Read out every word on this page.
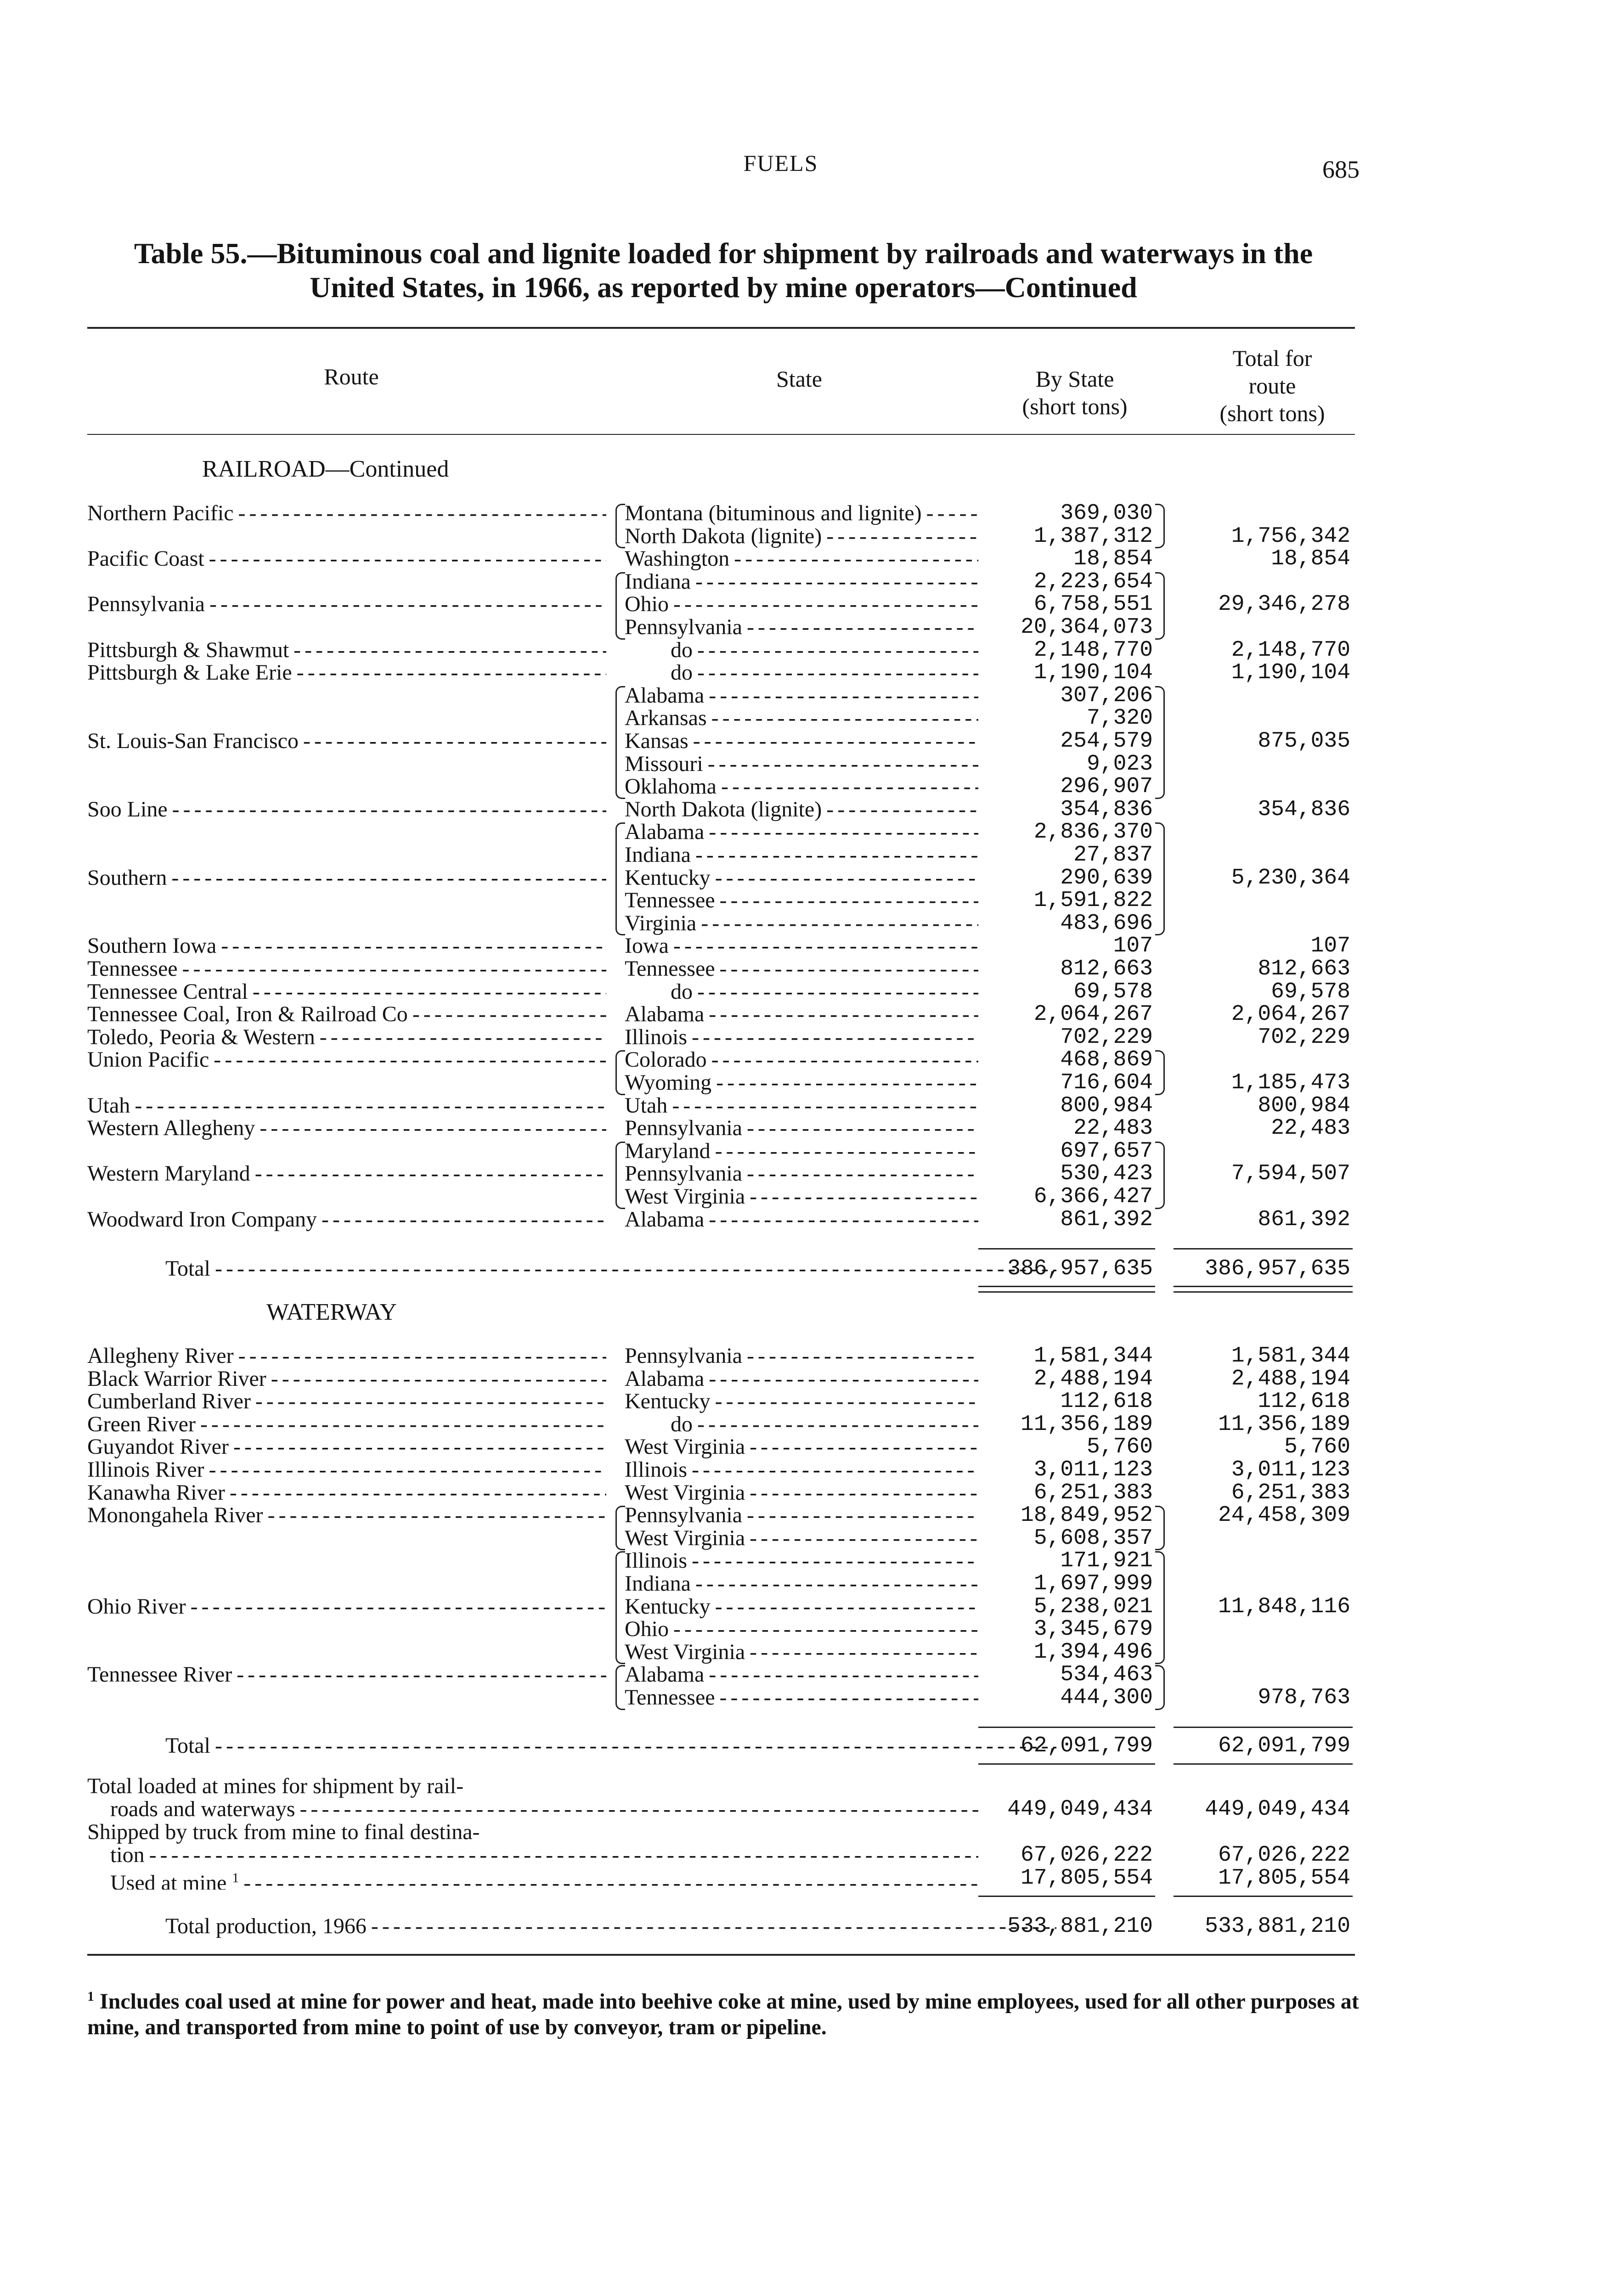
FUELS	685
Table 55.—Bituminous coal and lignite loaded for shipment by railroads and waterways in the
United States, in 1966, as reported by mine operators—Continued
Route	State	By State
(short tons)
Total for
route
(short tons)
RAILROAD—Continued
Northern Pacific - - -	Montana (bituminous and lignite) - - -	369,030
North Dakota (lignite) - - -	1,387,312	1,756,342
Pacific Coast - - -	Washington - - -	18,854	18,854
Indiana - - -	2,223,654
Pennsylvania - - -	Ohio - - -	6,758,551	29,346,278
Pennsylvania - - -	20,364,073
Pittsburgh & Shawmut - - -	do - - -	2,148,770	2,148,770
Pittsburgh & Lake Erie - - -	do - - -	1,190,104	1,190,104
Alabama - - -	307,206
Arkansas - - -	7,320
St. Louis-San Francisco - - -	Kansas - - -	254,579	875,035
Missouri - - -	9,023
Oklahoma - - -	296,907
Soo Line - - -	North Dakota (lignite) - - -	354,836	354,836
Alabama - - -	2,836,370
Indiana - - -	27,837
Southern - - -	Kentucky - - -	290,639	5,230,364
Tennessee - - -	1,591,822
Virginia - - -	483,696
Southern Iowa - - -	Iowa - - -	107	107
Tennessee - - -	Tennessee - - -	812,663	812,663
Tennessee Central - - -	do - - -	69,578	69,578
Tennessee Coal, Iron & Railroad Co - - -	Alabama - - -	2,064,267	2,064,267
Toledo, Peoria & Western - - -	Illinois - - -	702,229	702,229
Union Pacific - - -	Colorado - - -	468,869
Wyoming - - -	716,604	1,185,473
Utah - - -	Utah - - -	800,984	800,984
Western Allegheny - - -	Pennsylvania - - -	22,483	22,483
Maryland - - -	697,657
Western Maryland - - -	Pennsylvania - - -	530,423	7,594,507
West Virginia - - -	6,366,427
Woodward Iron Company - - -	Alabama - - -	861,392	861,392
Total - - -	386,957,635	386,957,635
WATERWAY
Allegheny River - - -	Pennsylvania - - -	1,581,344	1,581,344
Black Warrior River - - -	Alabama - - -	2,488,194	2,488,194
Cumberland River - - -	Kentucky - - -	112,618	112,618
Green River - - -	do - - -	11,356,189	11,356,189
Guyandot River - - -	West Virginia - - -	5,760	5,760
Illinois River - - -	Illinois - - -	3,011,123	3,011,123
Kanawha River - - -	West Virginia - - -	6,251,383	6,251,383
Monongahela River - - -	Pennsylvania - - -	18,849,952	24,458,309
West Virginia - - -	5,608,357
Illinois - - -	171,921
Indiana - - -	1,697,999
Ohio River - - -	Kentucky - - -	5,238,021	11,848,116
Ohio - - -	3,345,679
West Virginia - - -	1,394,496
Tennessee River - - -	Alabama - - -	534,463
Tennessee - - -	444,300	978,763
Total - - -	62,091,799	62,091,799
Total loaded at mines for shipment by rail-
roads and waterways - - -	449,049,434	449,049,434
Shipped by truck from mine to final destina-
tion - - -	67,026,222	67,026,222
Used at mine $^1$ - - -	17,805,554	17,805,554
Total production, 1966 - - -	533,881,210	533,881,210
$^1$ Includes coal used at mine for power and heat, made into beehive coke at mine, used by mine employees, used for all other purposes at mine, and transported from mine to point of use by conveyor, tram or pipeline.
